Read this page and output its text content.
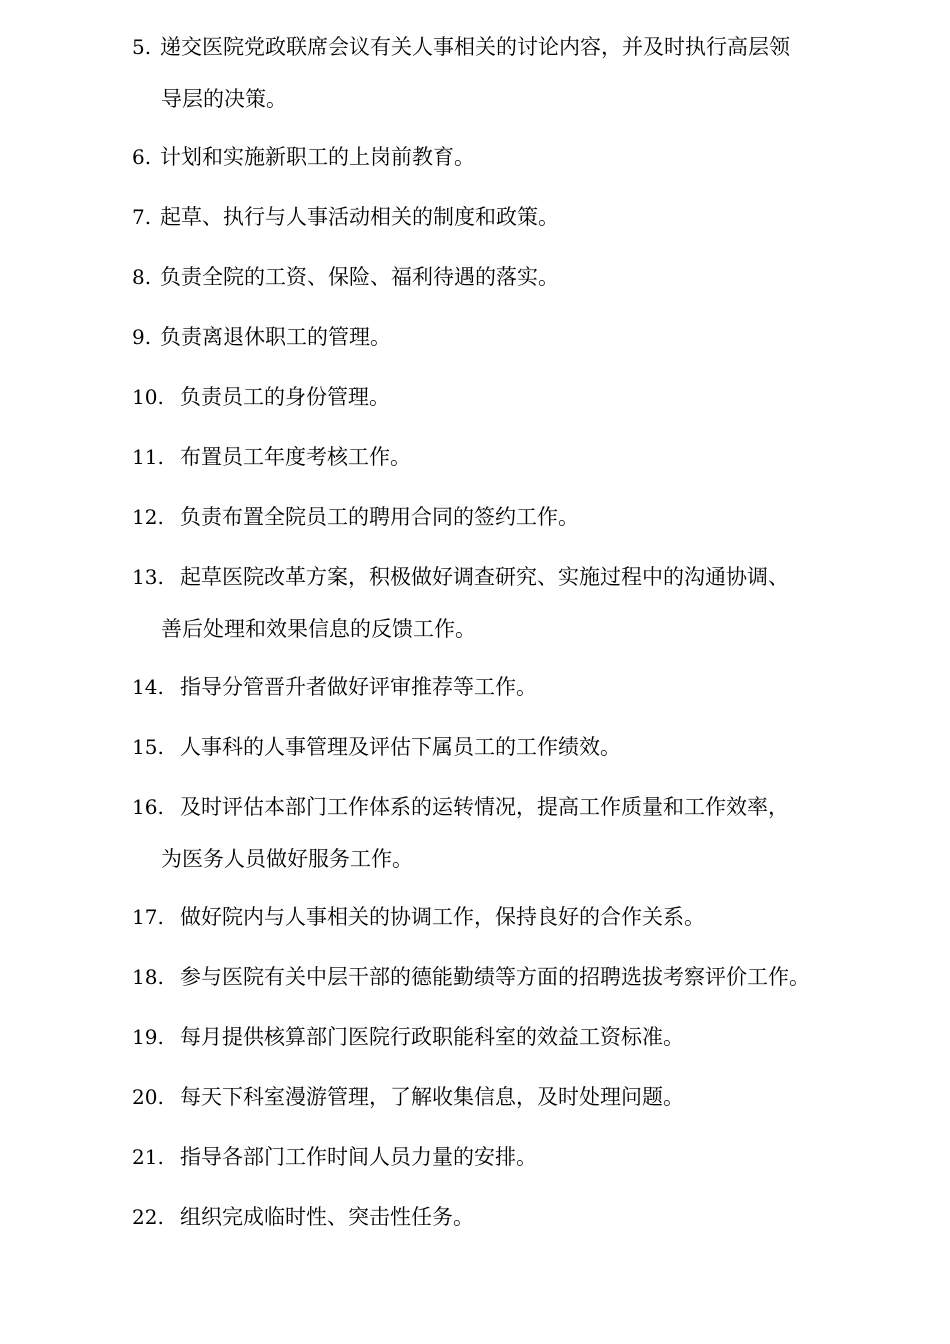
5. 递交医院党政联席会议有关人事相关的讨论内容，并及时执行高层领
导层的决策。
6. 计划和实施新职工的上岗前教育。
7. 起草、执行与人事活动相关的制度和政策。
8. 负责全院的工资、保险、福利待遇的落实。
9. 负责离退休职工的管理。
10. 负责员工的身份管理。
11. 布置员工年度考核工作。
12. 负责布置全院员工的聘用合同的签约工作。
13. 起草医院改革方案，积极做好调查研究、实施过程中的沟通协调、
善后处理和效果信息的反馈工作。
14. 指导分管晋升者做好评审推荐等工作。
15. 人事科的人事管理及评估下属员工的工作绩效。
16. 及时评估本部门工作体系的运转情况，提高工作质量和工作效率，
为医务人员做好服务工作。
17. 做好院内与人事相关的协调工作，保持良好的合作关系。
18. 参与医院有关中层干部的德能勤绩等方面的招聘选拔考察评价工作。
19. 每月提供核算部门医院行政职能科室的效益工资标准。
20. 每天下科室漫游管理，了解收集信息，及时处理问题。
21. 指导各部门工作时间人员力量的安排。
22. 组织完成临时性、突击性任务。
